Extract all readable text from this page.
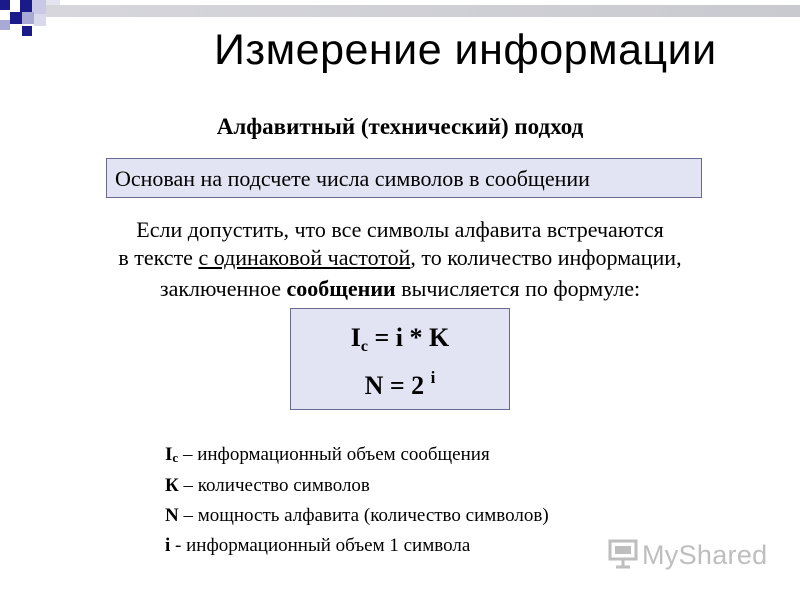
Измерение информации
Алфавитный (технический) подход
Основан на подсчете числа символов в сообщении
Если допустить, что все символы алфавита встречаются
в тексте с одинаковой частотой, то количество информации,
заключенное сообщении вычисляется по формуле:
Ic = i * K
N = 2 $^i$
Ic – информационный объем сообщения
К – количество символов
N – мощность алфавита (количество символов)
i - информационный объем 1 символа	MyShared
